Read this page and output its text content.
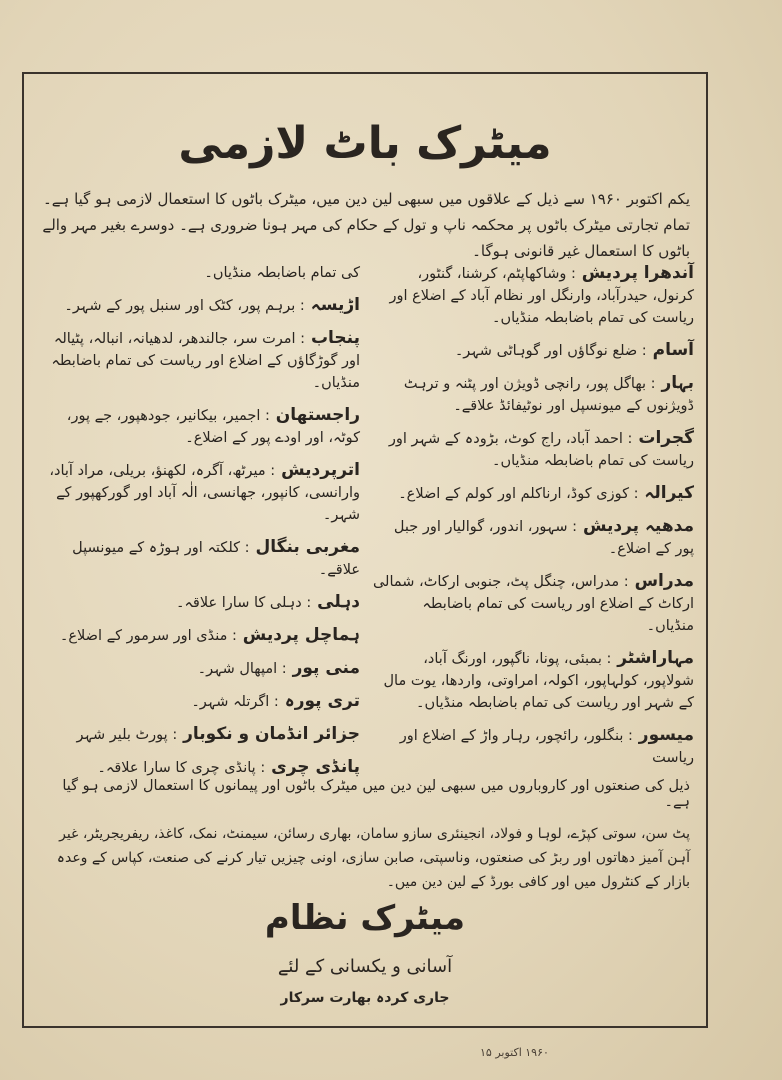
میٹرک باٹ لازمی
یکم اکتوبر ۱۹۶۰ سے ذیل کے علاقوں میں سبھی لین دین میں، میٹرک باٹوں کا استعمال لازمی ہو گیا ہے۔ تمام تجارتی میٹرک باٹوں پر محکمہ ناپ و تول کے حکام کی مہر ہونا ضروری ہے۔ دوسرے بغیر مہر والے باٹوں کا استعمال غیر قانونی ہوگا۔
آندھرا پردیش : وشاکھاپٹم، کرشنا، گنٹور، کرنول، حیدرآباد، وارنگل اور نظام آباد کے اضلاع اور ریاست کی تمام باضابطہ منڈیاں۔
آسام : ضلع نوگاؤں اور گوہاٹی شہر۔
بہار : بھاگل پور، رانچی ڈویژن اور پٹنہ و ترہٹ ڈویژنوں کے میونسپل اور نوٹیفائڈ علاقے۔
گجرات : احمد آباد، راج کوٹ، بڑودہ کے شہر اور ریاست کی تمام باضابطہ منڈیاں۔
کیرالہ : کوزی کوڈ، ارناکلم اور کولم کے اضلاع۔
مدھیہ پردیش : سہور، اندور، گوالیار اور جبل پور کے اضلاع۔
مدراس : مدراس، چنگل پٹ، جنوبی ارکاٹ، شمالی ارکاٹ کے اضلاع اور ریاست کی تمام باضابطہ منڈیاں۔
مہاراشٹر : بمبئی، پونا، ناگپور، اورنگ آباد، شولاپور، کولہاپور، اکولہ، امراوتی، واردھا، یوت مال کے شہر اور ریاست کی تمام باضابطہ منڈیاں۔
میسور : بنگلور، رائچور، رہار واڑ کے اضلاع اور ریاست
کی تمام باضابطہ منڈیاں۔
اڑیسہ : برہم پور، کٹک اور سنبل پور کے شہر۔
پنجاب : امرت سر، جالندھر، لدھیانہ، انبالہ، پٹیالہ اور گوڑگاؤں کے اضلاع اور ریاست کی تمام باضابطہ منڈیاں۔
راجستھان : اجمیر، بیکانیر، جودھپور، جے پور، کوٹہ، اور اودے پور کے اضلاع۔
اترپردیش : میرٹھ، آگرہ، لکھنؤ، بریلی، مراد آباد، وارانسی، کانپور، جھانسی، الٰہ آباد اور گورکھپور کے شہر۔
مغربی بنگال : کلکتہ اور ہوڑہ کے میونسپل علاقے۔
دہلی : دہلی کا سارا علاقہ۔
ہماچل پردیش : منڈی اور سرمور کے اضلاع۔
منی پور : امپھال شہر۔
تری پورہ : اگرتلہ شہر۔
جزائر انڈمان و نکوبار : پورٹ بلیر شہر
پانڈی چری : پانڈی چری کا سارا علاقہ۔
ذیل کی صنعتوں اور کاروباروں میں سبھی لین دین میں میٹرک باٹوں اور پیمانوں کا استعمال لازمی ہو گیا ہے۔
پٹ سن، سوتی کپڑے، لوہا و فولاد، انجینئری سازو سامان، بھاری رسائن، سیمنٹ، نمک، کاغذ، ریفریجریٹر، غیر آہن آمیز دھاتوں اور ربڑ کی صنعتوں، وناسپتی، صابن سازی، اونی چیزیں تیار کرنے کی صنعت، کپاس کے وعدہ بازار کے کنٹرول میں اور کافی بورڈ کے لین دین میں۔
میٹرک نظام
آسانی و یکسانی کے لئے
جاری کردہ بھارت سرکار
۱۹۶۰ اکتوبر ۱۵
